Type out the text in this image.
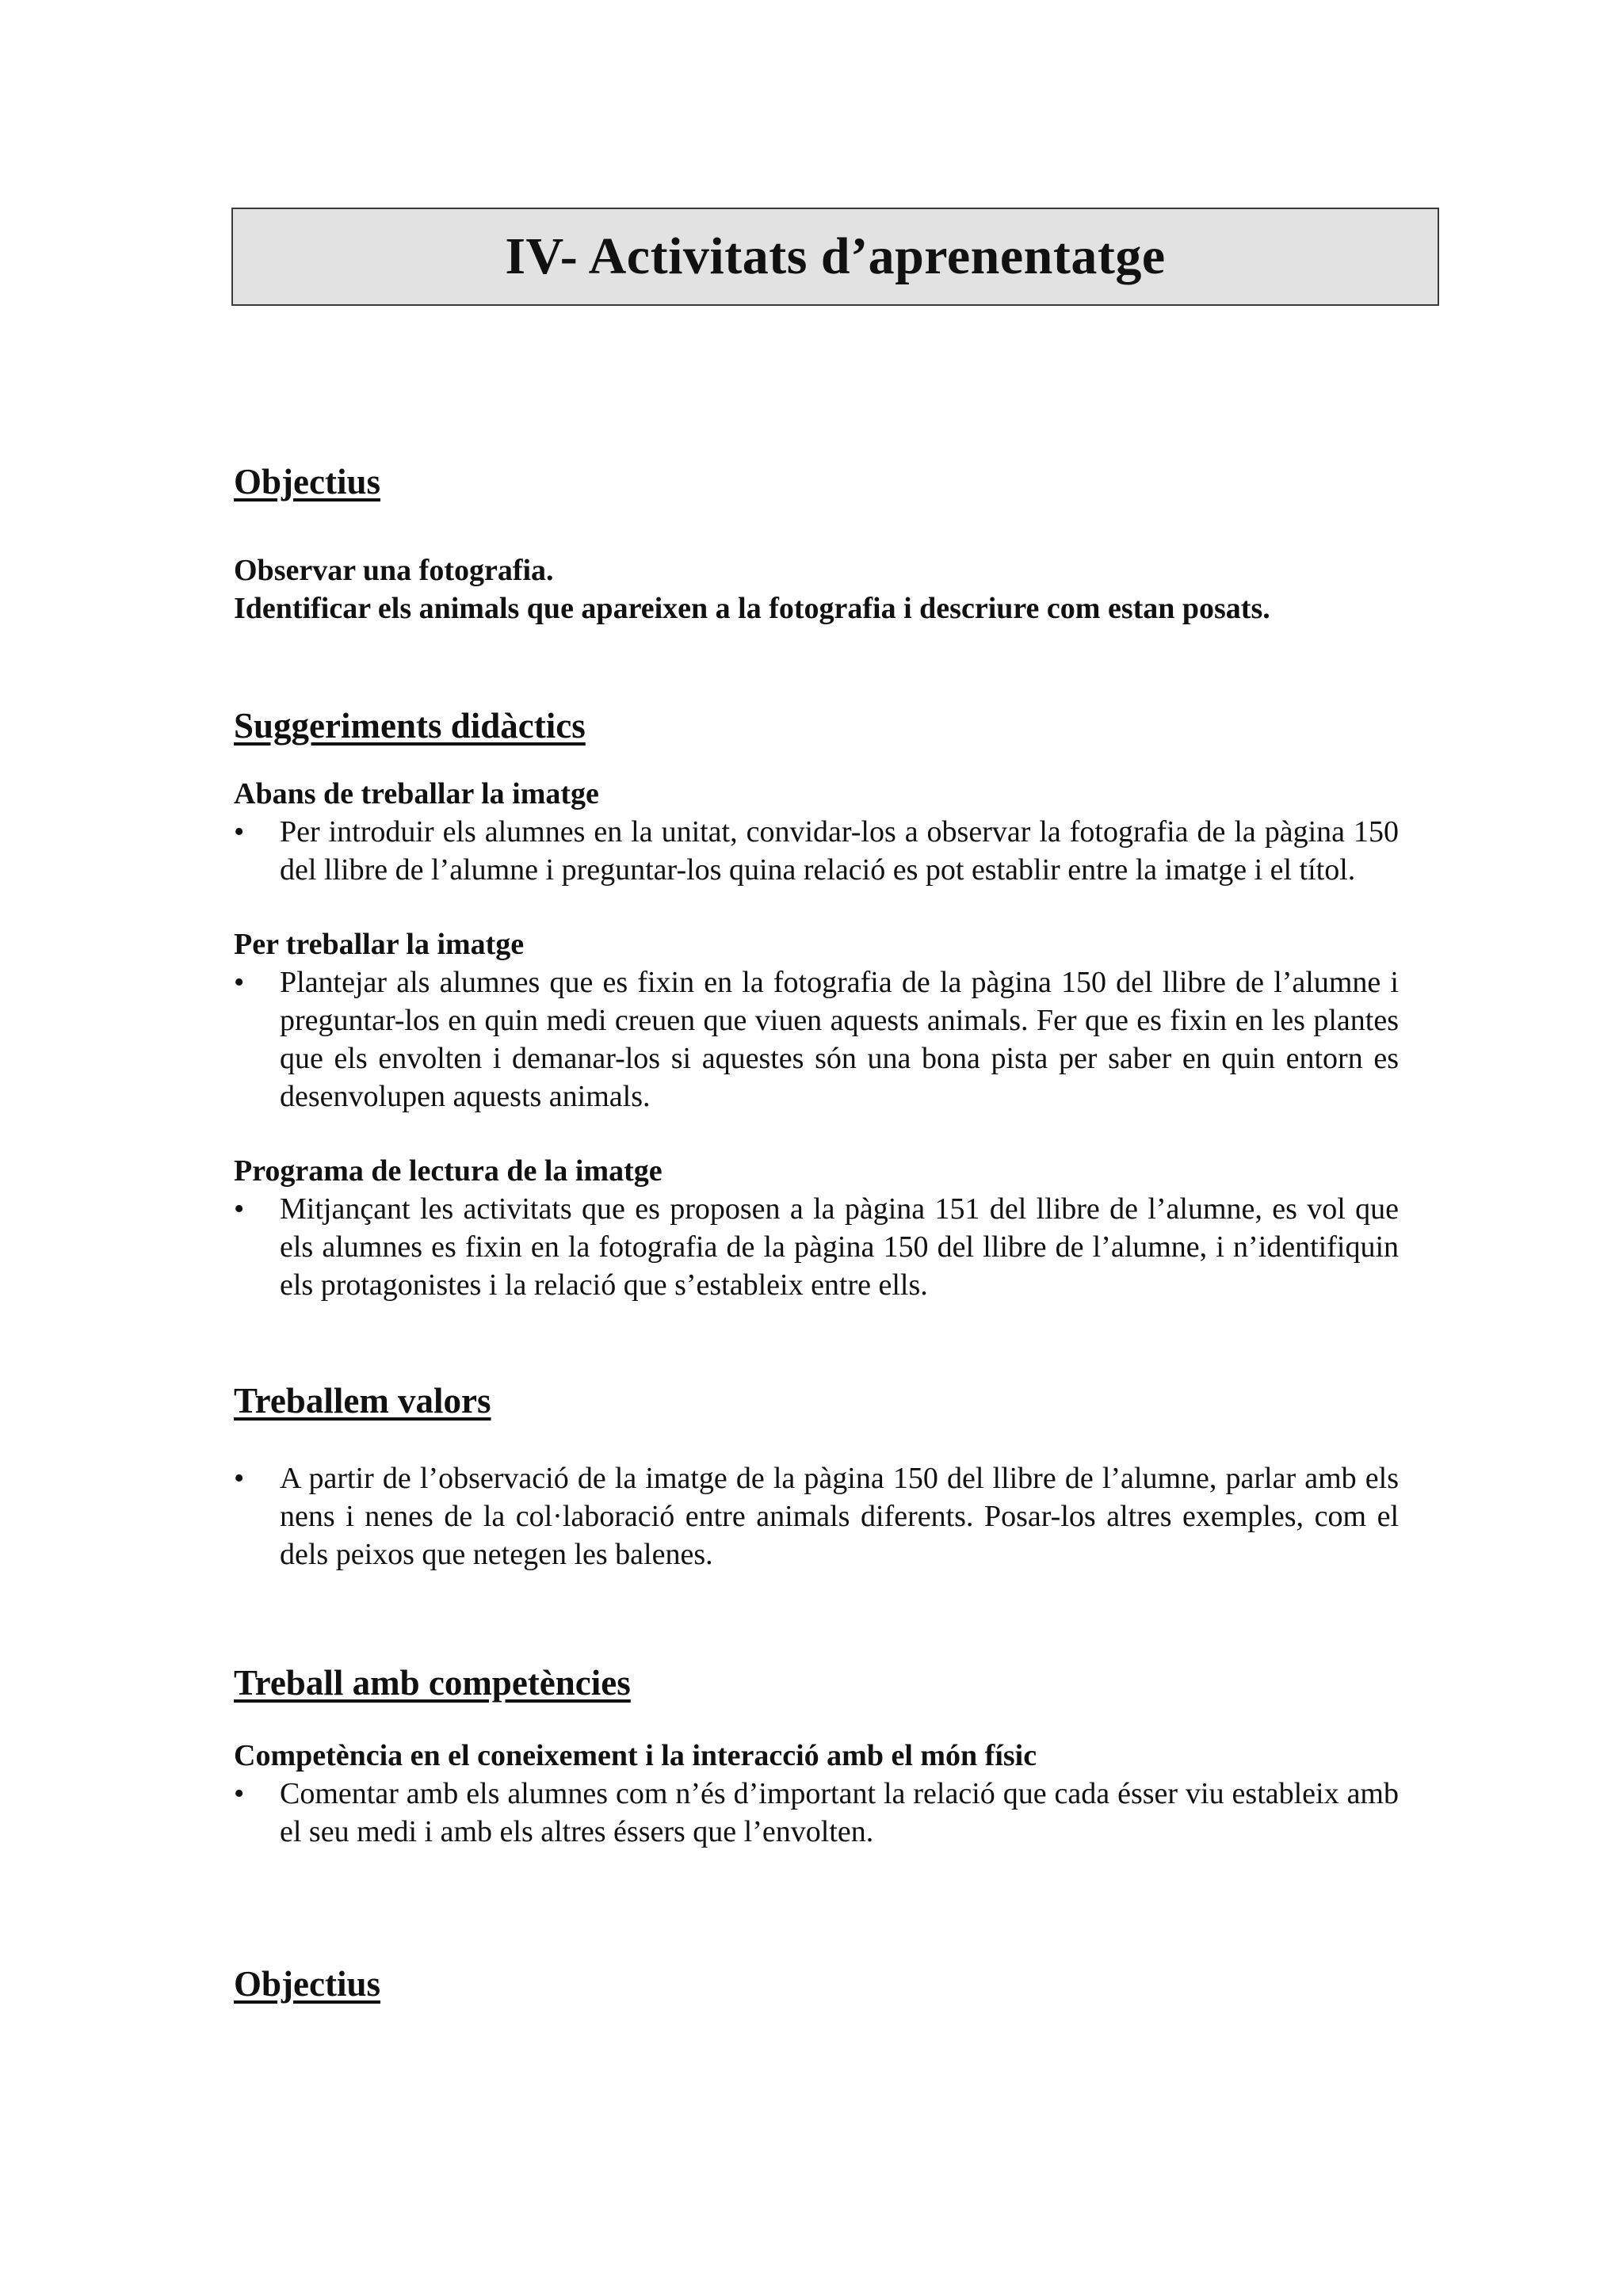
IV- Activitats d’aprenentatge
Objectius

Observar una fotografia.

Identificar els animals que apareixen a la fotografia i descriure com estan posats.

Suggeriments didàctics

Abans de treballar la imatge

•	Per introduir els alumnes en la unitat, convidar-los a observar la fotografia de la pàgina 150 del llibre de l’alumne i preguntar-los quina relació es pot establir entre la imatge i el títol.

Per treballar la imatge

•	Plantejar als alumnes que es fixin en la fotografia de la pàgina 150 del llibre de l’alumne i preguntar-los en quin medi creuen que viuen aquests animals. Fer que es fixin en les plantes que els envolten i demanar-los si aquestes són una bona pista per saber en quin entorn es desenvolupen aquests animals.

Programa de lectura de la imatge

•	Mitjançant les activitats que es proposen a la pàgina 151 del llibre de l’alumne, es vol que els alumnes es fixin en la fotografia de la pàgina 150 del llibre de l’alumne, i n’identifiquin els protagonistes i la relació que s’estableix entre ells.

Treballem valors

•	A partir de l’observació de la imatge de la pàgina 150 del llibre de l’alumne, parlar amb els nens i nenes de la col·laboració entre animals diferents. Posar-los altres exemples, com el dels peixos que netegen les balenes.

Treball amb competències

Competència en el coneixement i la interacció amb el món físic

•	Comentar amb els alumnes com n’és d’important la relació que cada ésser viu estableix amb el seu medi i amb els altres éssers que l’envolten.

Objectius
